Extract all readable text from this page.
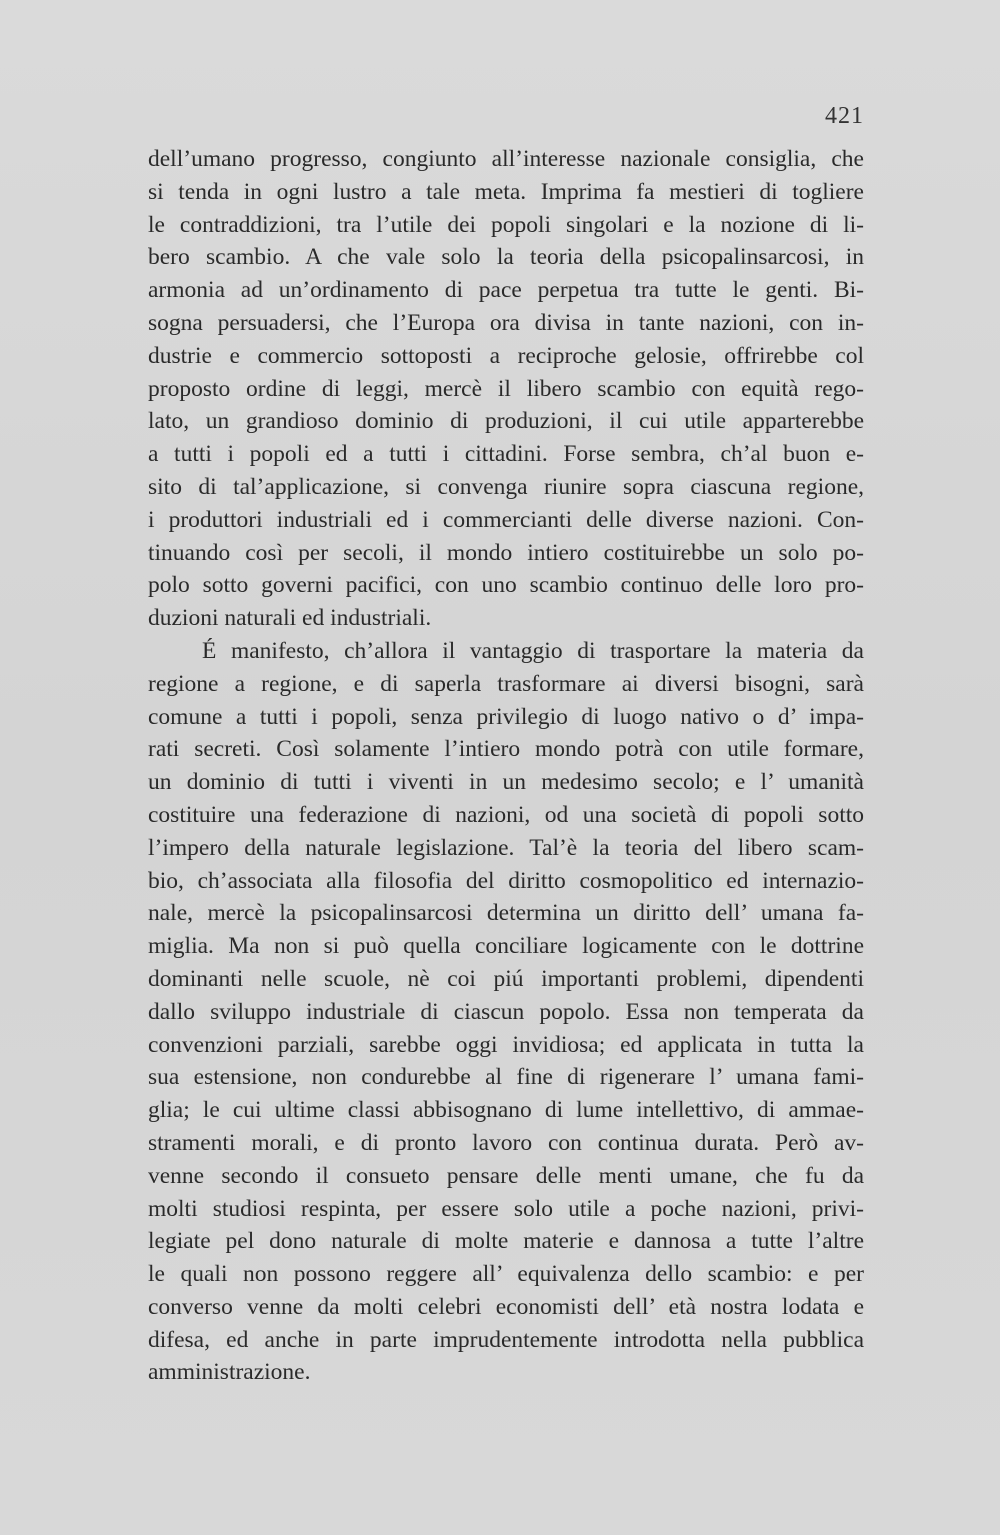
421
dell’umano progresso, congiunto all’interesse nazionale consiglia, che
si tenda in ogni lustro a tale meta. Imprima fa mestieri di togliere
le contraddizioni, tra l’utile dei popoli singolari e la nozione di li-
bero scambio. A che vale solo la teoria della psicopalinsarcosi, in
armonia ad un’ordinamento di pace perpetua tra tutte le genti. Bi-
sogna persuadersi, che l’Europa ora divisa in tante nazioni, con in-
dustrie e commercio sottoposti a reciproche gelosie, offrirebbe col
proposto ordine di leggi, mercè il libero scambio con equità rego-
lato, un grandioso dominio di produzioni, il cui utile apparterebbe
a tutti i popoli ed a tutti i cittadini. Forse sembra, ch’al buon e-
sito di tal’applicazione, si convenga riunire sopra ciascuna regione,
i produttori industriali ed i commercianti delle diverse nazioni. Con-
tinuando così per secoli, il mondo intiero costituirebbe un solo po-
polo sotto governi pacifici, con uno scambio continuo delle loro pro-
duzioni naturali ed industriali.
É manifesto, ch’allora il vantaggio di trasportare la materia da
regione a regione, e di saperla trasformare ai diversi bisogni, sarà
comune a tutti i popoli, senza privilegio di luogo nativo o d’ impa-
rati secreti. Così solamente l’intiero mondo potrà con utile formare,
un dominio di tutti i viventi in un medesimo secolo; e l’ umanità
costituire una federazione di nazioni, od una società di popoli sotto
l’impero della naturale legislazione. Tal’è la teoria del libero scam-
bio, ch’associata alla filosofia del diritto cosmopolitico ed internazio-
nale, mercè la psicopalinsarcosi determina un diritto dell’ umana fa-
miglia. Ma non si può quella conciliare logicamente con le dottrine
dominanti nelle scuole, nè coi piú importanti problemi, dipendenti
dallo sviluppo industriale di ciascun popolo. Essa non temperata da
convenzioni parziali, sarebbe oggi invidiosa; ed applicata in tutta la
sua estensione, non condurebbe al fine di rigenerare l’ umana fami-
glia; le cui ultime classi abbisognano di lume intellettivo, di ammae-
stramenti morali, e di pronto lavoro con continua durata. Però av-
venne secondo il consueto pensare delle menti umane, che fu da
molti studiosi respinta, per essere solo utile a poche nazioni, privi-
legiate pel dono naturale di molte materie e dannosa a tutte l’altre
le quali non possono reggere all’ equivalenza dello scambio: e per
converso venne da molti celebri economisti dell’ età nostra lodata e
difesa, ed anche in parte imprudentemente introdotta nella pubblica
amministrazione.
